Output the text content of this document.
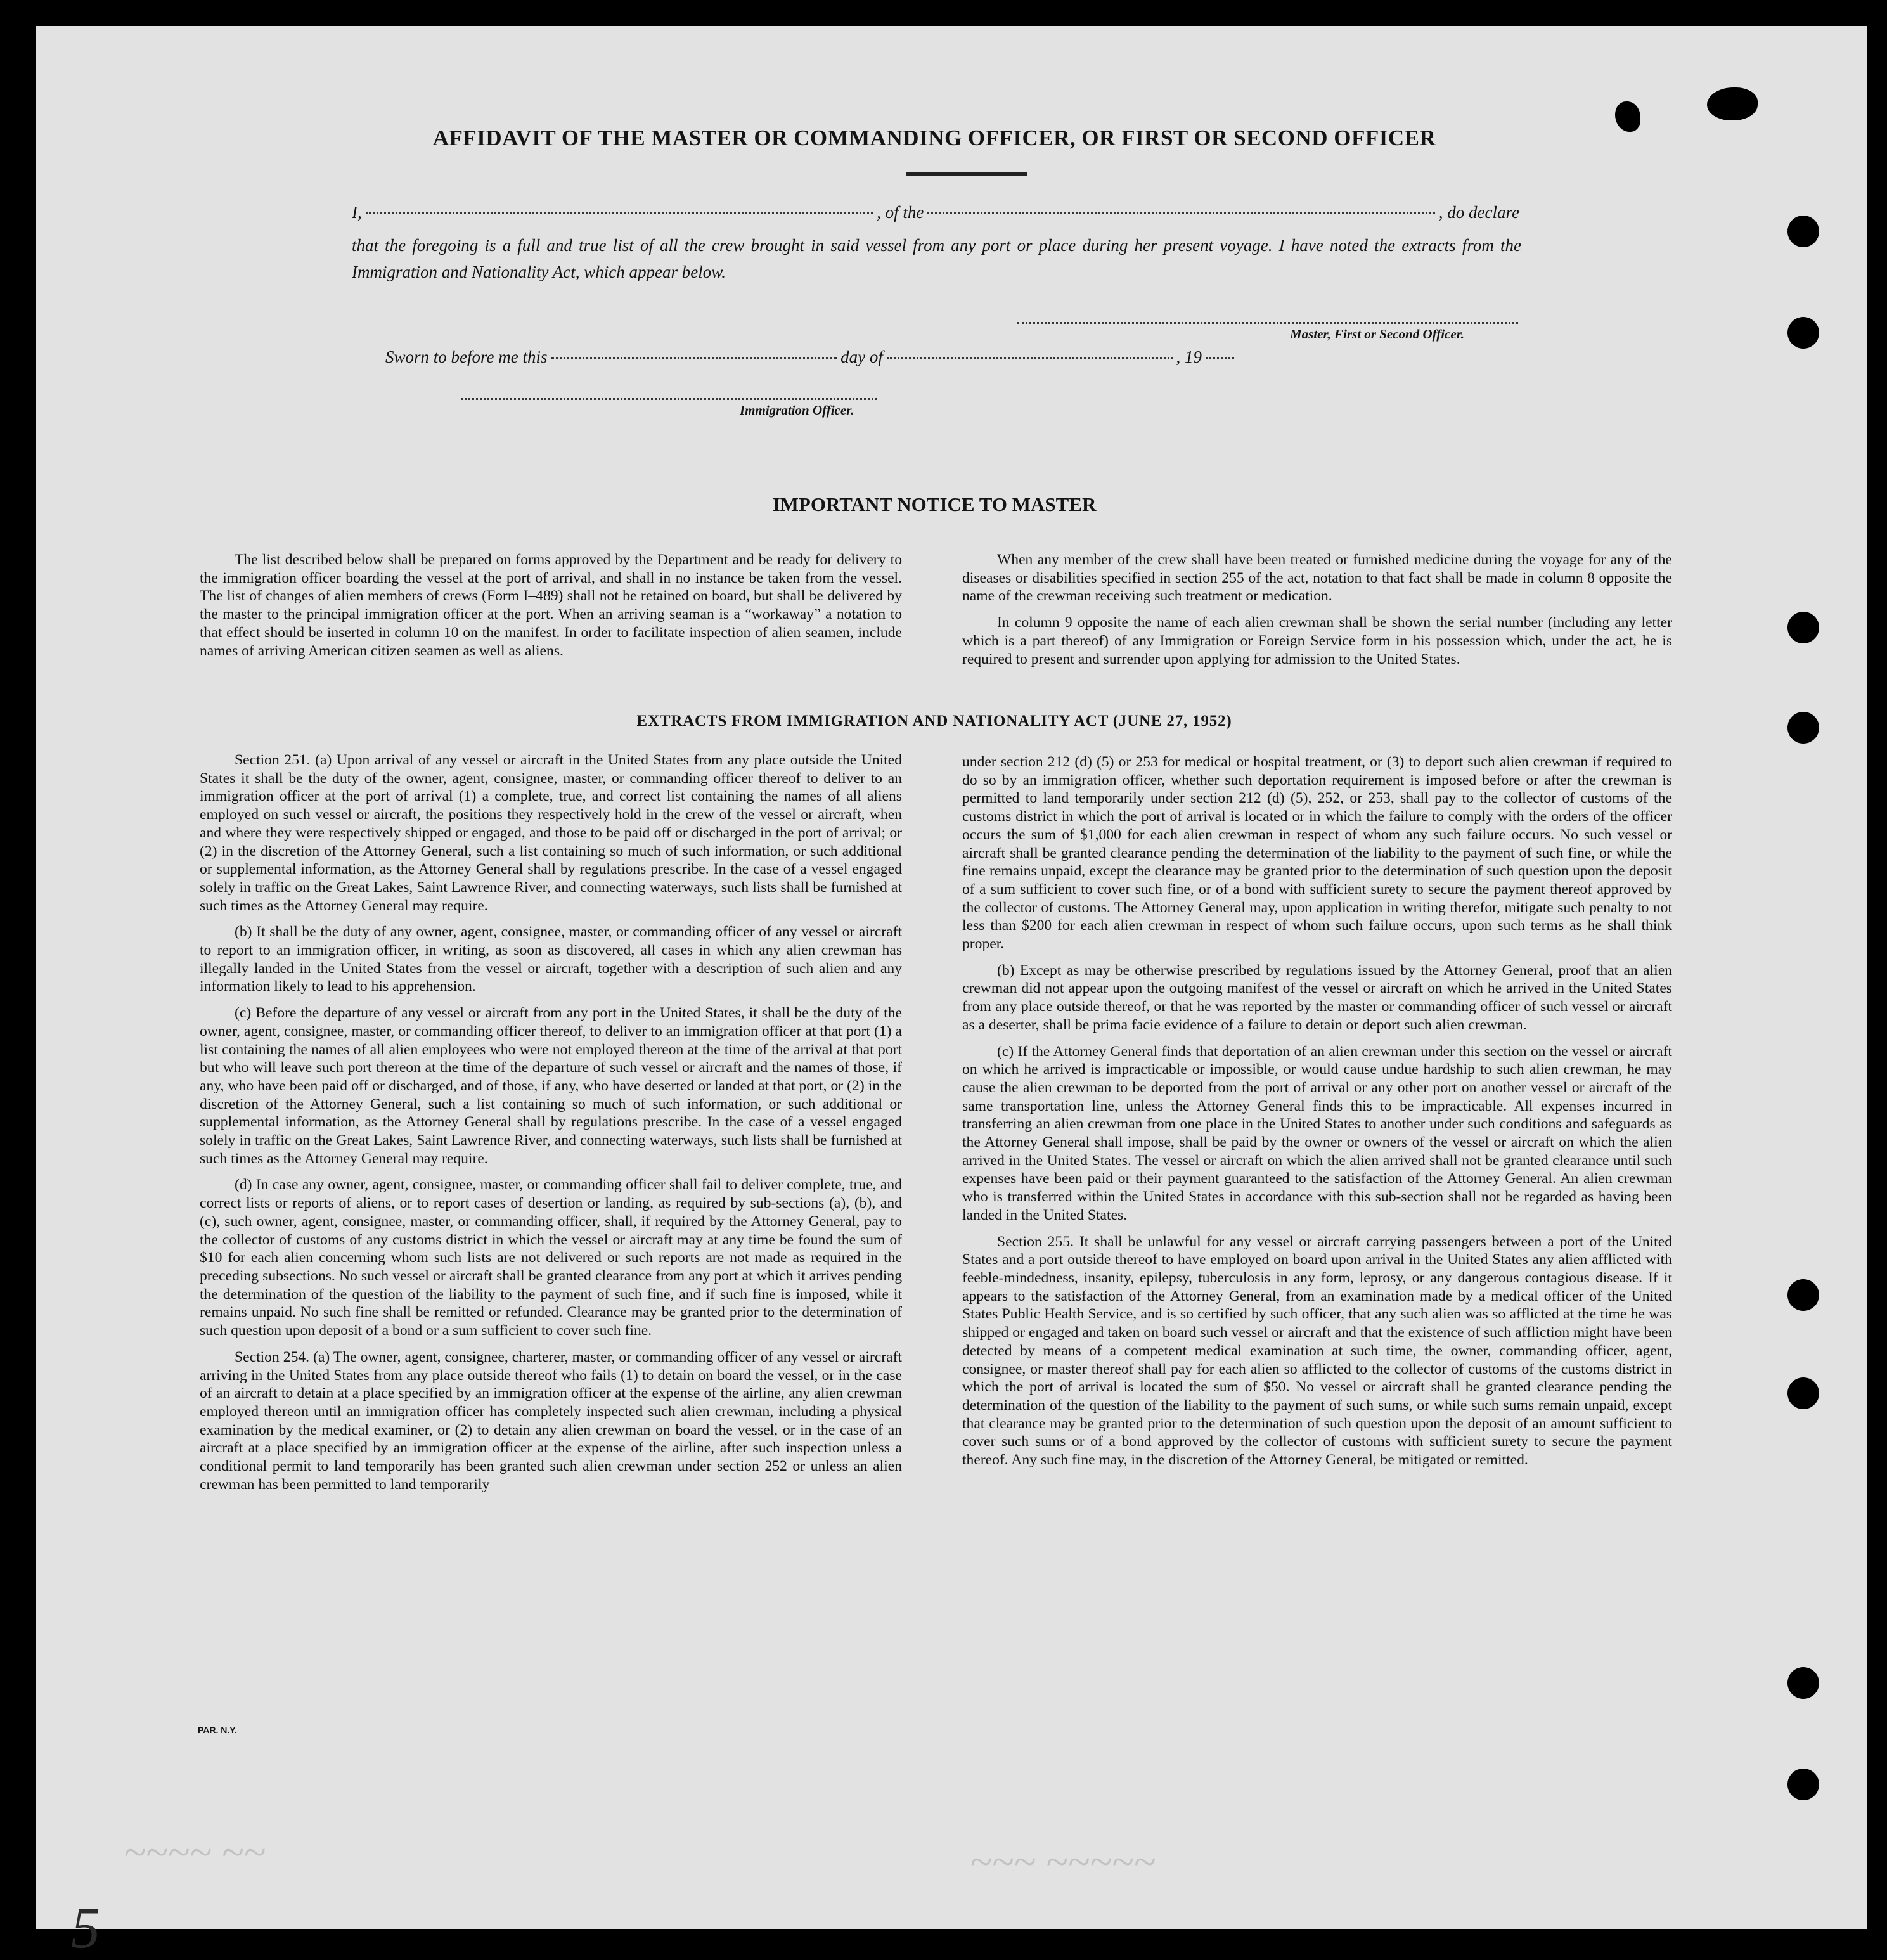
AFFIDAVIT OF THE MASTER OR COMMANDING OFFICER, OR FIRST OR SECOND OFFICER
I,	, of the	, do declare
that the foregoing is a full and true list of all the crew brought in said vessel from any port or place during her present voyage. I have noted the extracts from the Immigration and Nationality Act, which appear below.
Master, First or Second Officer.
Sworn to before me this	day of	, 19
Immigration Officer.
IMPORTANT NOTICE TO MASTER

The list described below shall be prepared on forms approved by the Department and be ready for delivery to the immigration officer boarding the vessel at the port of arrival, and shall in no instance be taken from the vessel. The list of changes of alien members of crews (Form I–489) shall not be retained on board, but shall be delivered by the master to the principal immigration officer at the port. When an arriving seaman is a “workaway” a notation to that effect should be inserted in column 10 on the manifest. In order to facilitate inspection of alien seamen, include names of arriving American citizen seamen as well as aliens.

When any member of the crew shall have been treated or furnished medicine during the voyage for any of the diseases or disabilities specified in section 255 of the act, notation to that fact shall be made in column 8 opposite the name of the crewman receiving such treatment or medication.

In column 9 opposite the name of each alien crewman shall be shown the serial number (including any letter which is a part thereof) of any Immigration or Foreign Service form in his possession which, under the act, he is required to present and surrender upon applying for admission to the United States.

EXTRACTS FROM IMMIGRATION AND NATIONALITY ACT (JUNE 27, 1952)

Section 251. (a) Upon arrival of any vessel or aircraft in the United States from any place outside the United States it shall be the duty of the owner, agent, consignee, master, or commanding officer thereof to deliver to an immigration officer at the port of arrival (1) a complete, true, and correct list containing the names of all aliens employed on such vessel or aircraft, the positions they respectively hold in the crew of the vessel or aircraft, when and where they were respectively shipped or engaged, and those to be paid off or discharged in the port of arrival; or (2) in the discretion of the Attorney General, such a list containing so much of such information, or such additional or supplemental information, as the Attorney General shall by regulations prescribe. In the case of a vessel engaged solely in traffic on the Great Lakes, Saint Lawrence River, and connecting waterways, such lists shall be furnished at such times as the Attorney General may require.

(b) It shall be the duty of any owner, agent, consignee, master, or commanding officer of any vessel or aircraft to report to an immigration officer, in writing, as soon as discovered, all cases in which any alien crewman has illegally landed in the United States from the vessel or aircraft, together with a description of such alien and any information likely to lead to his apprehension.

(c) Before the departure of any vessel or aircraft from any port in the United States, it shall be the duty of the owner, agent, consignee, master, or commanding officer thereof, to deliver to an immigration officer at that port (1) a list containing the names of all alien employees who were not employed thereon at the time of the arrival at that port but who will leave such port thereon at the time of the departure of such vessel or aircraft and the names of those, if any, who have been paid off or discharged, and of those, if any, who have deserted or landed at that port, or (2) in the discretion of the Attorney General, such a list containing so much of such information, or such additional or supplemental information, as the Attorney General shall by regulations prescribe. In the case of a vessel engaged solely in traffic on the Great Lakes, Saint Lawrence River, and connecting waterways, such lists shall be furnished at such times as the Attorney General may require.

(d) In case any owner, agent, consignee, master, or commanding officer shall fail to deliver complete, true, and correct lists or reports of aliens, or to report cases of desertion or landing, as required by sub-sections (a), (b), and (c), such owner, agent, consignee, master, or commanding officer, shall, if required by the Attorney General, pay to the collector of customs of any customs district in which the vessel or aircraft may at any time be found the sum of $10 for each alien concerning whom such lists are not delivered or such reports are not made as required in the preceding subsections. No such vessel or aircraft shall be granted clearance from any port at which it arrives pending the determination of the question of the liability to the payment of such fine, and if such fine is imposed, while it remains unpaid. No such fine shall be remitted or refunded. Clearance may be granted prior to the determination of such question upon deposit of a bond or a sum sufficient to cover such fine.

Section 254. (a) The owner, agent, consignee, charterer, master, or commanding officer of any vessel or aircraft arriving in the United States from any place outside thereof who fails (1) to detain on board the vessel, or in the case of an aircraft to detain at a place specified by an immigration officer at the expense of the airline, any alien crewman employed thereon until an immigration officer has completely inspected such alien crewman, including a physical examination by the medical examiner, or (2) to detain any alien crewman on board the vessel, or in the case of an aircraft at a place specified by an immigration officer at the expense of the airline, after such inspection unless a conditional permit to land temporarily has been granted such alien crewman under section 252 or unless an alien crewman has been permitted to land temporarily

under section 212 (d) (5) or 253 for medical or hospital treatment, or (3) to deport such alien crewman if required to do so by an immigration officer, whether such deportation requirement is imposed before or after the crewman is permitted to land temporarily under section 212 (d) (5), 252, or 253, shall pay to the collector of customs of the customs district in which the port of arrival is located or in which the failure to comply with the orders of the officer occurs the sum of $1,000 for each alien crewman in respect of whom any such failure occurs. No such vessel or aircraft shall be granted clearance pending the determination of the liability to the payment of such fine, or while the fine remains unpaid, except the clearance may be granted prior to the determination of such question upon the deposit of a sum sufficient to cover such fine, or of a bond with sufficient surety to secure the payment thereof approved by the collector of customs. The Attorney General may, upon application in writing therefor, mitigate such penalty to not less than $200 for each alien crewman in respect of whom such failure occurs, upon such terms as he shall think proper.

(b) Except as may be otherwise prescribed by regulations issued by the Attorney General, proof that an alien crewman did not appear upon the outgoing manifest of the vessel or aircraft on which he arrived in the United States from any place outside thereof, or that he was reported by the master or commanding officer of such vessel or aircraft as a deserter, shall be prima facie evidence of a failure to detain or deport such alien crewman.

(c) If the Attorney General finds that deportation of an alien crewman under this section on the vessel or aircraft on which he arrived is impracticable or impossible, or would cause undue hardship to such alien crewman, he may cause the alien crewman to be deported from the port of arrival or any other port on another vessel or aircraft of the same transportation line, unless the Attorney General finds this to be impracticable. All expenses incurred in transferring an alien crewman from one place in the United States to another under such conditions and safeguards as the Attorney General shall impose, shall be paid by the owner or owners of the vessel or aircraft on which the alien arrived in the United States. The vessel or aircraft on which the alien arrived shall not be granted clearance until such expenses have been paid or their payment guaranteed to the satisfaction of the Attorney General. An alien crewman who is transferred within the United States in accordance with this sub-section shall not be regarded as having been landed in the United States.

Section 255. It shall be unlawful for any vessel or aircraft carrying passengers between a port of the United States and a port outside thereof to have employed on board upon arrival in the United States any alien afflicted with feeble-mindedness, insanity, epilepsy, tuberculosis in any form, leprosy, or any dangerous contagious disease. If it appears to the satisfaction of the Attorney General, from an examination made by a medical officer of the United States Public Health Service, and is so certified by such officer, that any such alien was so afflicted at the time he was shipped or engaged and taken on board such vessel or aircraft and that the existence of such affliction might have been detected by means of a competent medical examination at such time, the owner, commanding officer, agent, consignee, or master thereof shall pay for each alien so afflicted to the collector of customs of the customs district in which the port of arrival is located the sum of $50. No vessel or aircraft shall be granted clearance pending the determination of the question of the liability to the payment of such sums, or while such sums remain unpaid, except that clearance may be granted prior to the determination of such question upon the deposit of an amount sufficient to cover such sums or of a bond approved by the collector of customs with sufficient surety to secure the payment thereof. Any such fine may, in the discretion of the Attorney General, be mitigated or remitted.

PAR. N.Y.
~~~~ ~~	~~~ ~~~~~
5
